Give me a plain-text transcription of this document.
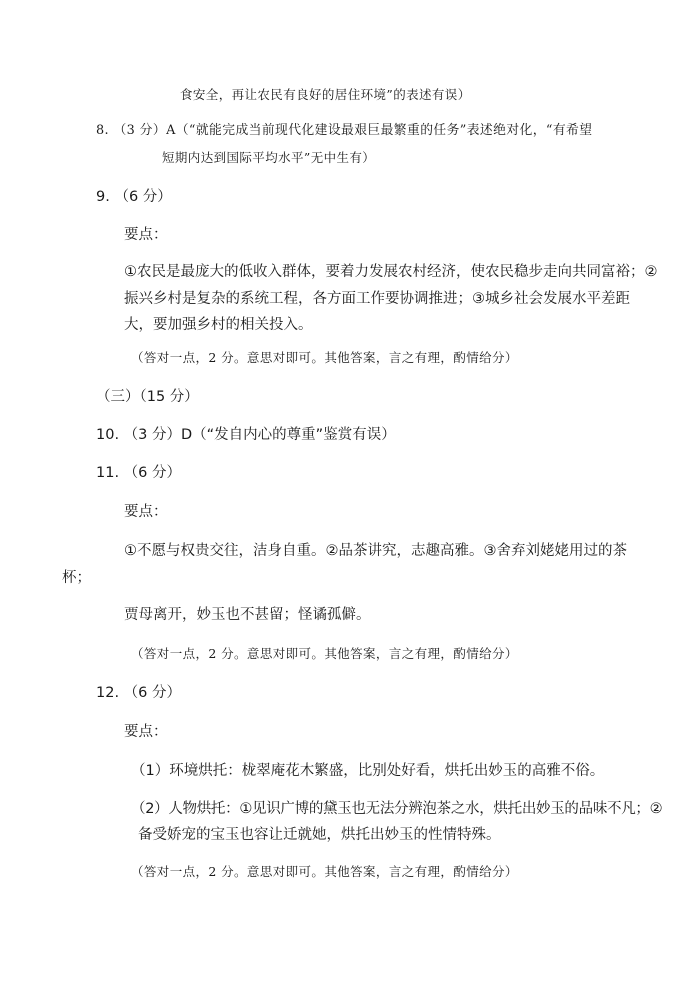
食安全，再让农民有良好的居住环境”的表述有误）
8. （3 分）A（“就能完成当前现代化建设最艰巨最繁重的任务”表述绝对化，“有希望
短期内达到国际平均水平”无中生有）
9. （6 分）
要点：
①农民是最庞大的低收入群体，要着力发展农村经济，使农民稳步走向共同富裕；②
振兴乡村是复杂的系统工程，各方面工作要协调推进；③城乡社会发展水平差距
大，要加强乡村的相关投入。
（答对一点，2 分。意思对即可。其他答案，言之有理，酌情给分）
（三）（15 分）
10. （3 分）D（“发自内心的尊重”鉴赏有误）
11. （6 分）
要点：
①不愿与权贵交往，洁身自重。②品茶讲究，志趣高雅。③舍弃刘姥姥用过的茶
杯；
贾母离开，妙玉也不甚留；怪谲孤僻。
（答对一点，2 分。意思对即可。其他答案，言之有理，酌情给分）
12. （6 分）
要点：
（1）环境烘托：栊翠庵花木繁盛，比别处好看，烘托出妙玉的高雅不俗。
（2）人物烘托：①见识广博的黛玉也无法分辨泡茶之水，烘托出妙玉的品味不凡；②
备受娇宠的宝玉也容让迁就她，烘托出妙玉的性情特殊。
（答对一点，2 分。意思对即可。其他答案，言之有理，酌情给分）
